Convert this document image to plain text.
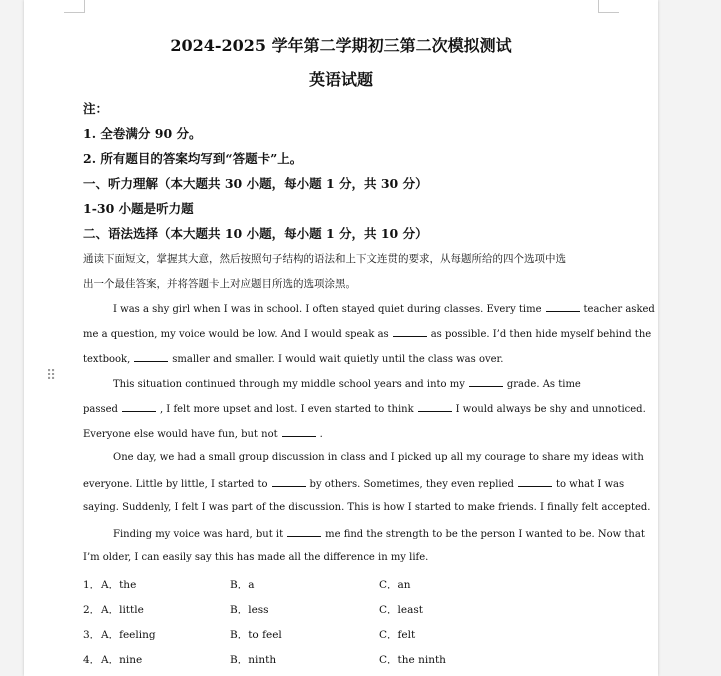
2024-2025 学年第二学期初三第二次模拟测试
英语试题
注：
1. 全卷满分 90 分。
2. 所有题目的答案均写到“答题卡”上。
一、听力理解（本大题共 30 小题，每小题 1 分，共 30 分）
1-30 小题是听力题
二、语法选择（本大题共 10 小题，每小题 1 分，共 10 分）
通读下面短文，掌握其大意，然后按照句子结构的语法和上下文连贯的要求，从每题所给的四个选项中选
出一个最佳答案，并将答题卡上对应题目所选的选项涂黑。
I was a shy girl when I was in school. I often stayed quiet during classes. Every time	teacher asked
me a question, my voice would be low. And I would speak as	as possible. I’d then hide myself behind the
textbook,	smaller and smaller. I would wait quietly until the class was over.
This situation continued through my middle school years and into my	grade. As time
passed	, I felt more upset and lost. I even started to think	I would always be shy and unnoticed.
Everyone else would have fun, but not	.
One day, we had a small group discussion in class and I picked up all my courage to share my ideas with
everyone. Little by little, I started to	by others. Sometimes, they even replied	to what I was
saying. Suddenly, I felt I was part of the discussion. This is how I started to make friends. I finally felt accepted.
Finding my voice was hard, but it	me find the strength to be the person I wanted to be. Now that
I’m older, I can easily say this has made all the difference in my life.
1． A．the	B．a	C．an
2． A．little	B．less	C．least
3． A．feeling	B．to feel	C．felt
4． A．nine	B．ninth	C．the ninth
⠿
